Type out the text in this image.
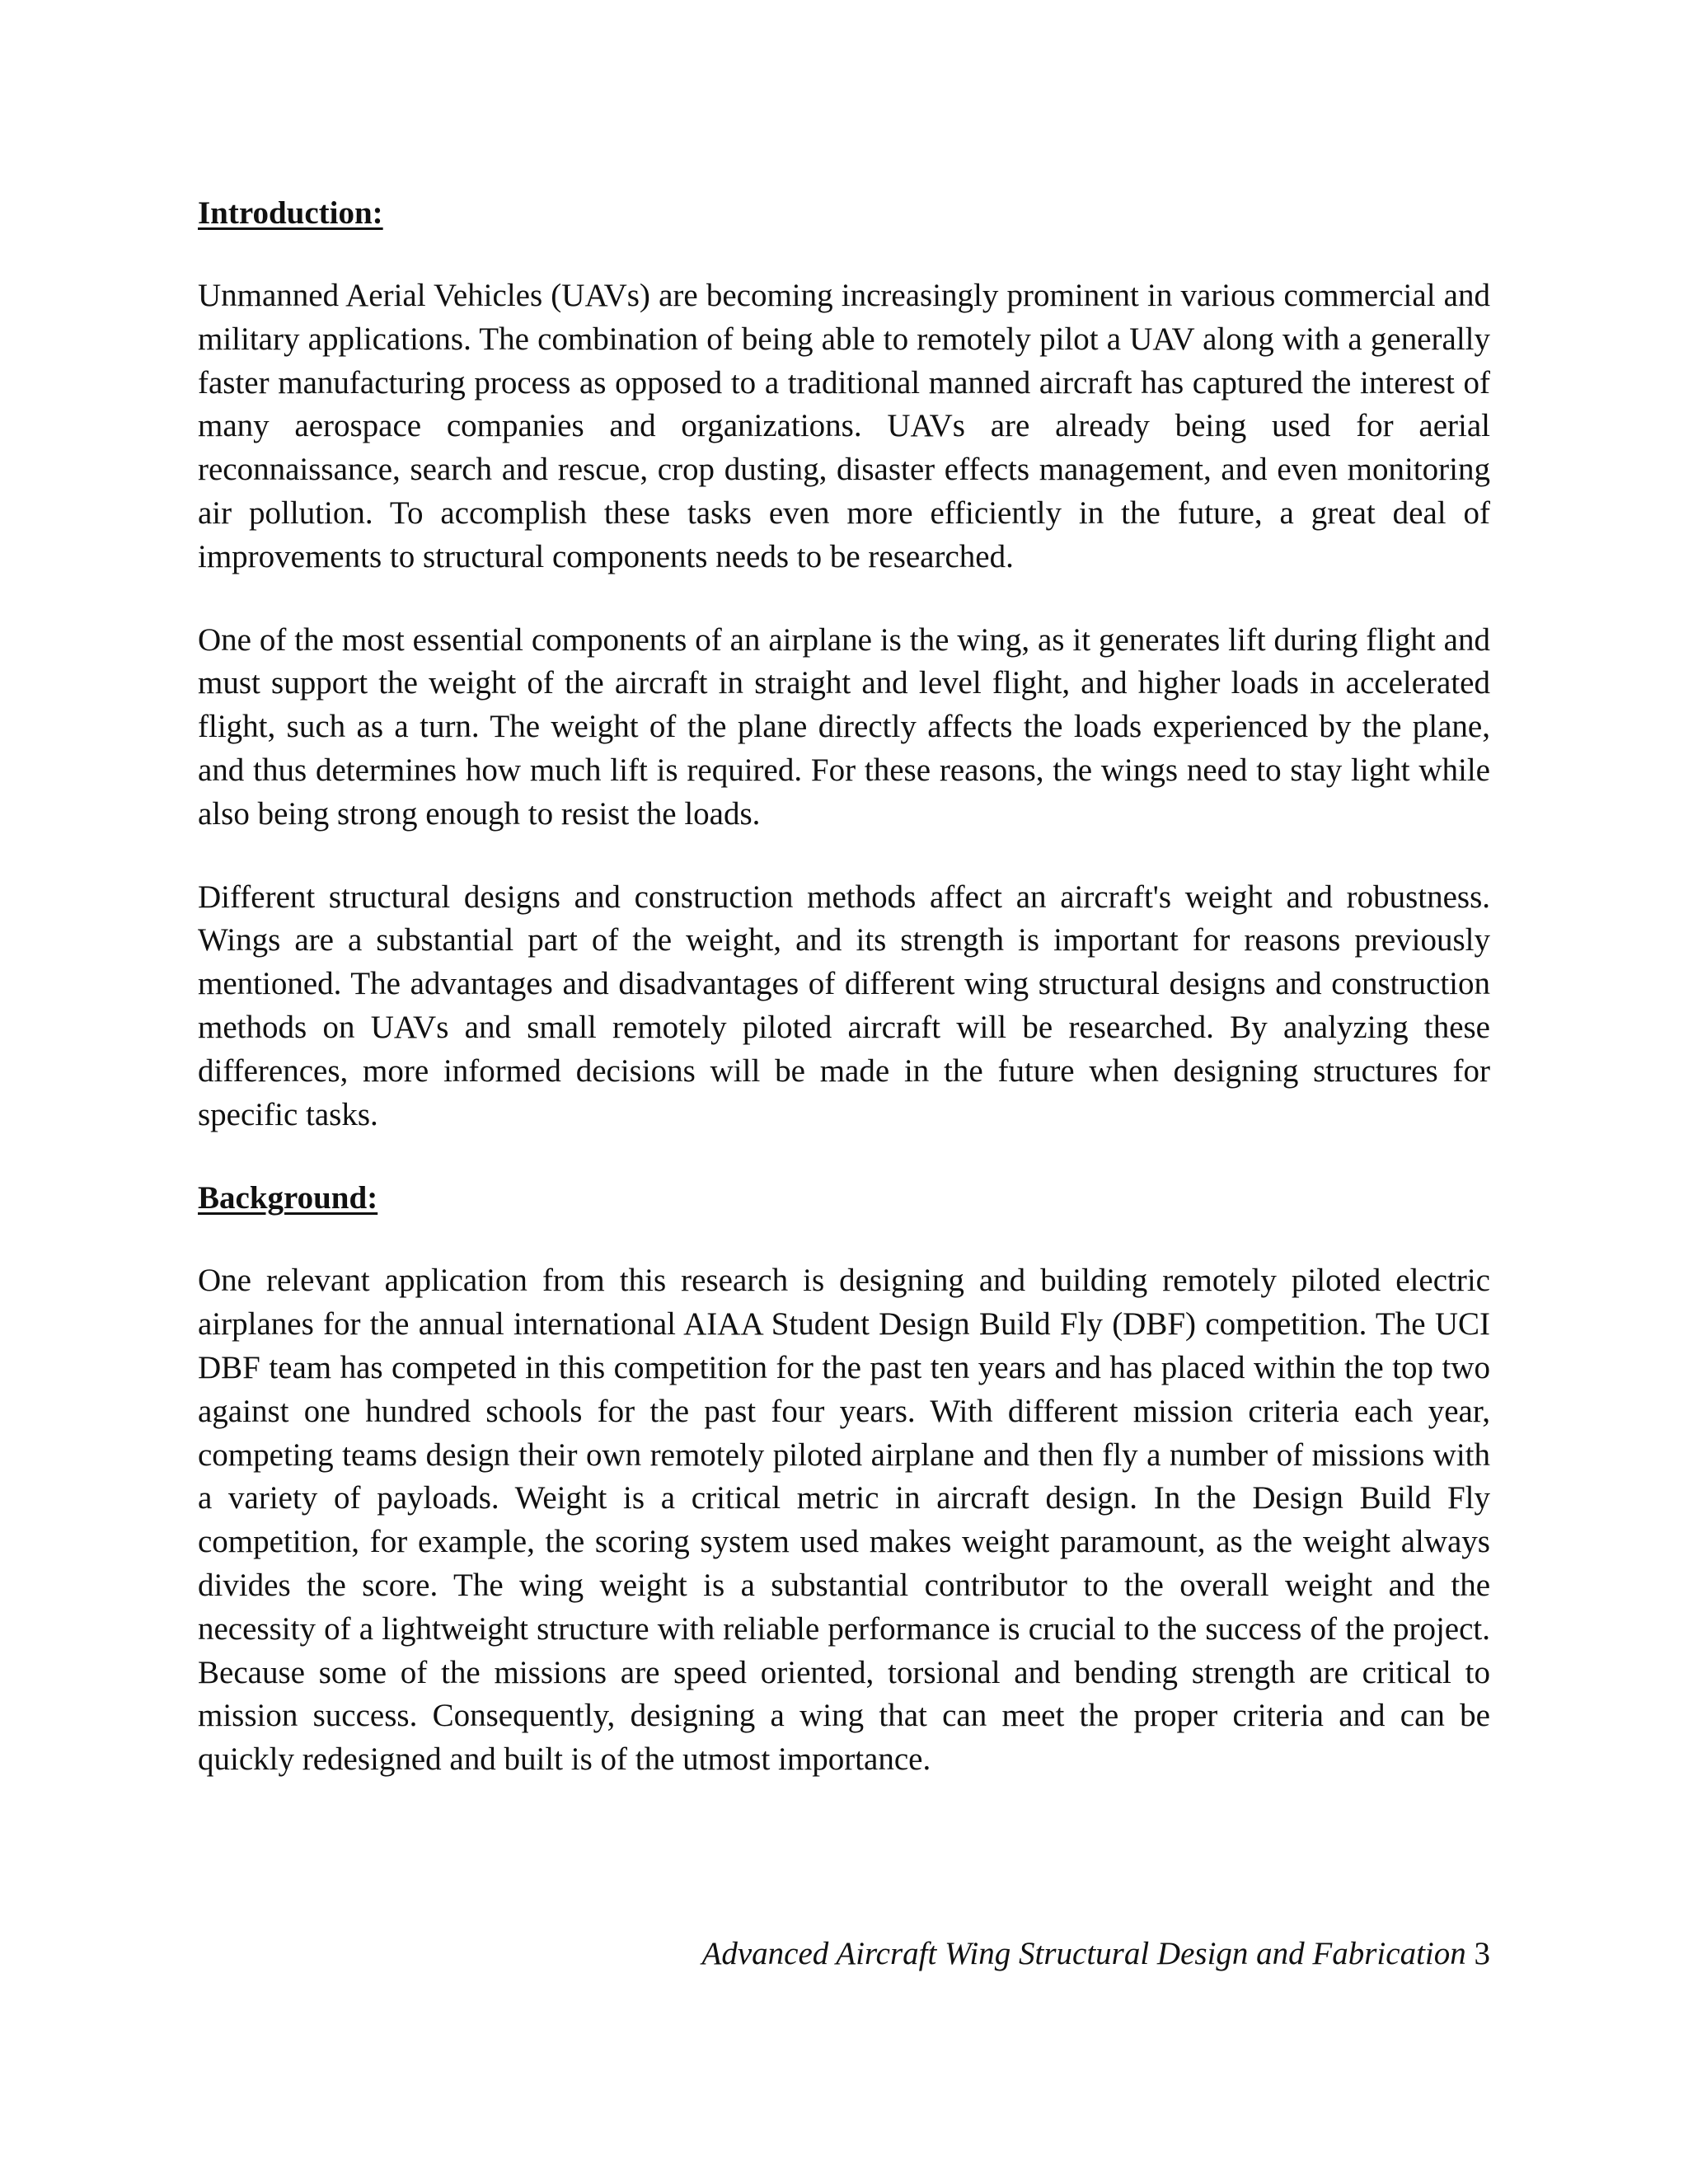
Introduction:

Unmanned Aerial Vehicles (UAVs) are becoming increasingly prominent in various commercial and military applications. The combination of being able to remotely pilot a UAV along with a generally faster manufacturing process as opposed to a traditional manned aircraft has captured the interest of many aerospace companies and organizations. UAVs are already being used for aerial reconnaissance, search and rescue, crop dusting, disaster effects management, and even monitoring air pollution. To accomplish these tasks even more efficiently in the future, a great deal of improvements to structural components needs to be researched.

One of the most essential components of an airplane is the wing, as it generates lift during flight and must support the weight of the aircraft in straight and level flight, and higher loads in accelerated flight, such as a turn. The weight of the plane directly affects the loads experienced by the plane, and thus determines how much lift is required. For these reasons, the wings need to stay light while also being strong enough to resist the loads.

Different structural designs and construction methods affect an aircraft's weight and robustness. Wings are a substantial part of the weight, and its strength is important for reasons previously mentioned. The advantages and disadvantages of different wing structural designs and construction methods on UAVs and small remotely piloted aircraft will be researched. By analyzing these differences, more informed decisions will be made in the future when designing structures for specific tasks.

Background:

One relevant application from this research is designing and building remotely piloted electric airplanes for the annual international AIAA Student Design Build Fly (DBF) competition. The UCI DBF team has competed in this competition for the past ten years and has placed within the top two against one hundred schools for the past four years. With different mission criteria each year, competing teams design their own remotely piloted airplane and then fly a number of missions with a variety of payloads. Weight is a critical metric in aircraft design. In the Design Build Fly competition, for example, the scoring system used makes weight paramount, as the weight always divides the score. The wing weight is a substantial contributor to the overall weight and the necessity of a lightweight structure with reliable performance is crucial to the success of the project. Because some of the missions are speed oriented, torsional and bending strength are critical to mission success. Consequently, designing a wing that can meet the proper criteria and can be quickly redesigned and built is of the utmost importance.

Advanced Aircraft Wing Structural Design and Fabrication 3
